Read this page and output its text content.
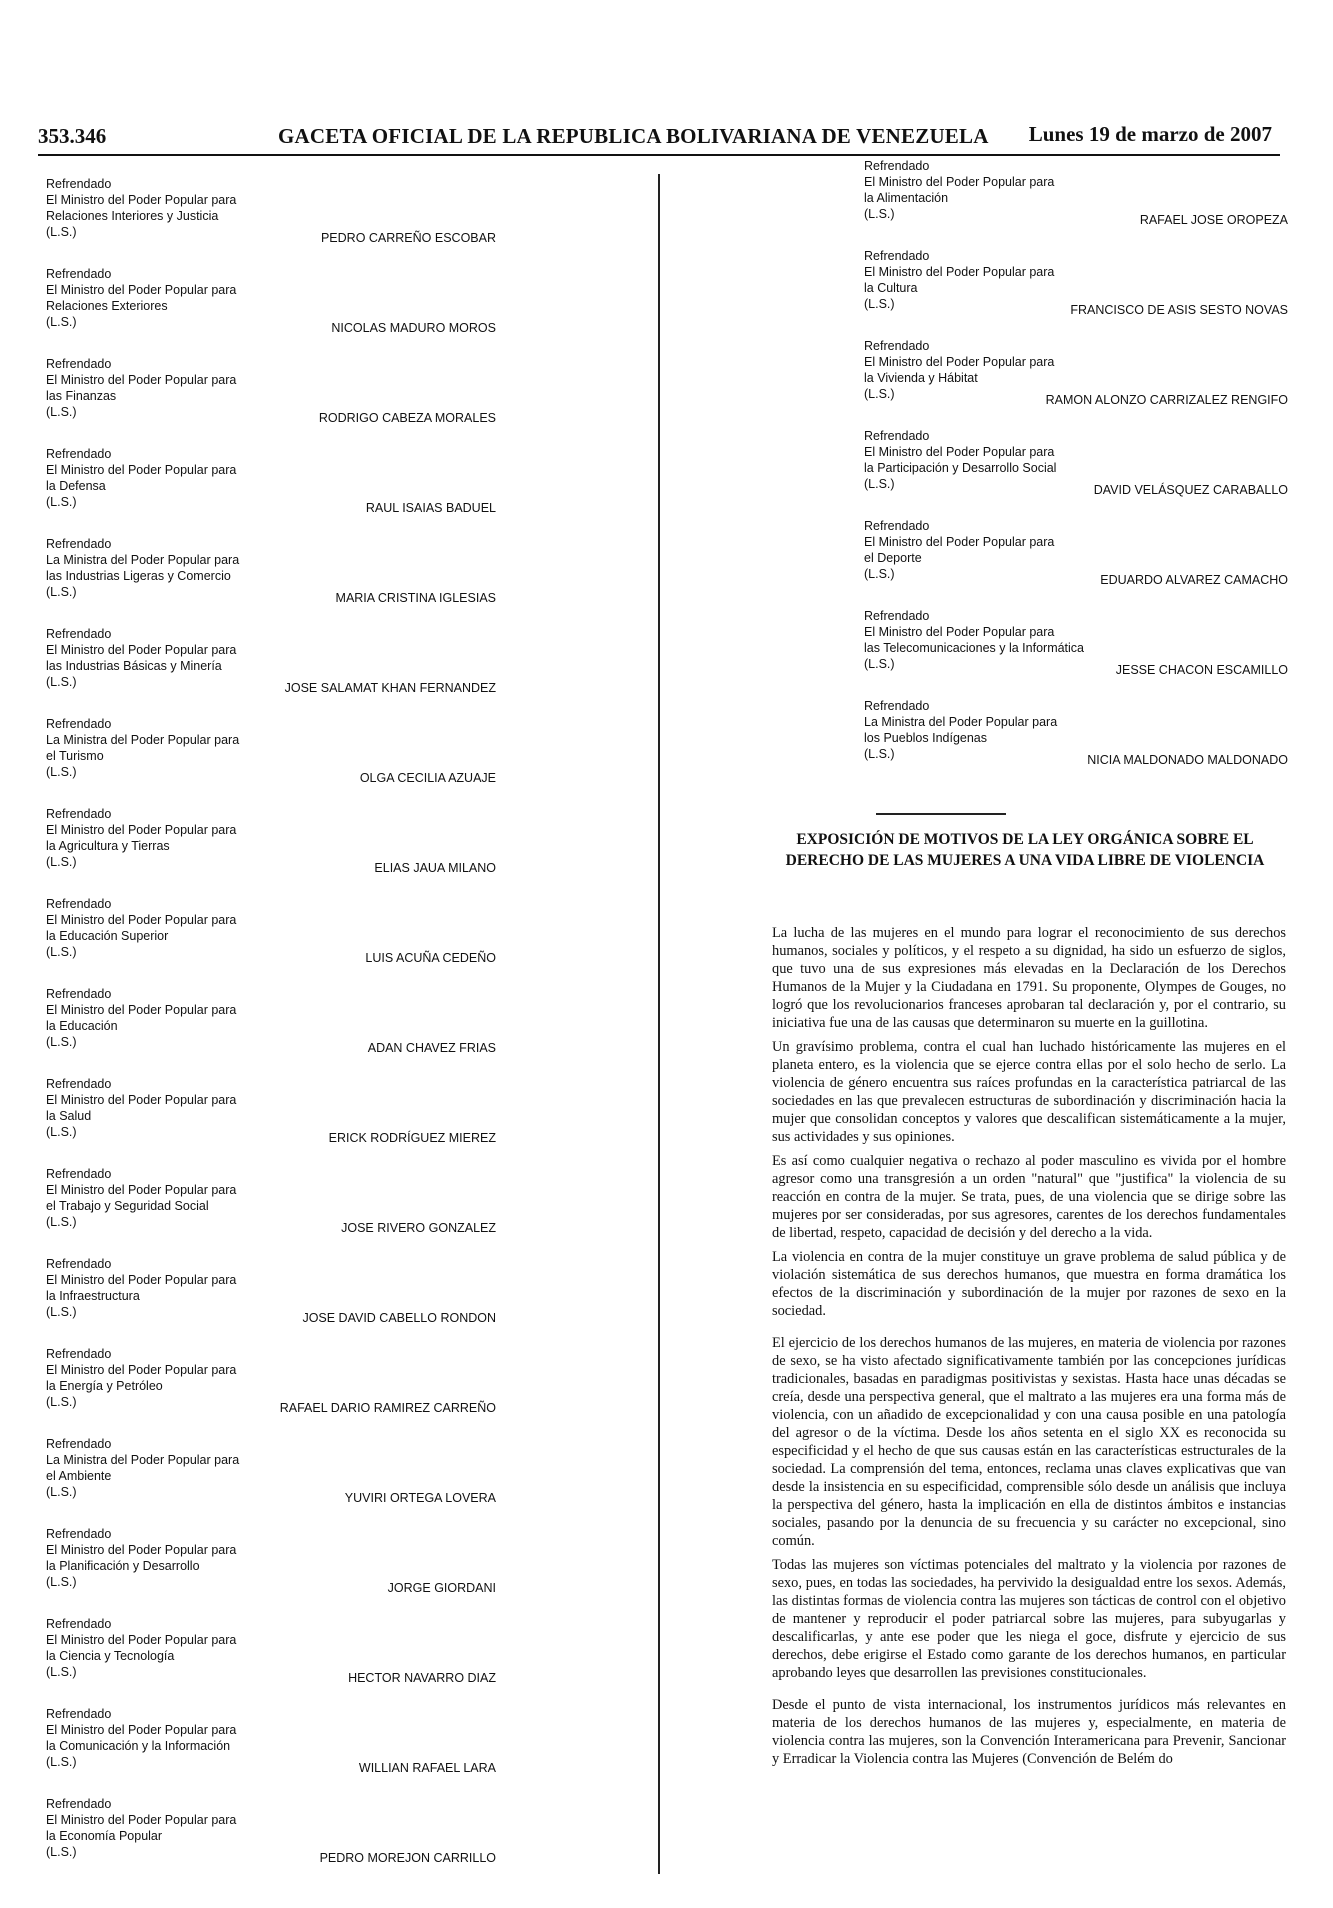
353.346	GACETA OFICIAL DE LA REPUBLICA BOLIVARIANA DE VENEZUELA Lunes 19 de marzo de 2007
Refrendado
El Ministro del Poder Popular para
Relaciones Interiores y Justicia
(L.S.)	PEDRO CARREÑO ESCOBAR
Refrendado
El Ministro del Poder Popular para
Relaciones Exteriores
(L.S.)	NICOLAS MADURO MOROS
Refrendado
El Ministro del Poder Popular para
las Finanzas
(L.S.)	RODRIGO CABEZA MORALES
Refrendado
El Ministro del Poder Popular para
la Defensa
(L.S.)	RAUL ISAIAS BADUEL
Refrendado
La Ministra del Poder Popular para
las Industrias Ligeras y Comercio
(L.S.)	MARIA CRISTINA IGLESIAS
Refrendado
El Ministro del Poder Popular para
las Industrias Básicas y Minería
(L.S.)	JOSE SALAMAT KHAN FERNANDEZ
Refrendado
La Ministra del Poder Popular para
el Turismo
(L.S.)	OLGA CECILIA AZUAJE
Refrendado
El Ministro del Poder Popular para
la Agricultura y Tierras
(L.S.)	ELIAS JAUA MILANO
Refrendado
El Ministro del Poder Popular para
la Educación Superior
(L.S.)	LUIS ACUÑA CEDEÑO
Refrendado
El Ministro del Poder Popular para
la Educación
(L.S.)	ADAN CHAVEZ FRIAS
Refrendado
El Ministro del Poder Popular para
la Salud
(L.S.)	ERICK RODRÍGUEZ MIEREZ
Refrendado
El Ministro del Poder Popular para
el Trabajo y Seguridad Social
(L.S.)	JOSE RIVERO GONZALEZ
Refrendado
El Ministro del Poder Popular para
la Infraestructura
(L.S.)	JOSE DAVID CABELLO RONDON
Refrendado
El Ministro del Poder Popular para
la Energía y Petróleo
(L.S.)	RAFAEL DARIO RAMIREZ CARREÑO
Refrendado
La Ministra del Poder Popular para
el Ambiente
(L.S.)	YUVIRI ORTEGA LOVERA
Refrendado
El Ministro del Poder Popular para
la Planificación y Desarrollo
(L.S.)	JORGE GIORDANI
Refrendado
El Ministro del Poder Popular para
la Ciencia y Tecnología
(L.S.)	HECTOR NAVARRO DIAZ
Refrendado
El Ministro del Poder Popular para
la Comunicación y la Información
(L.S.)	WILLIAN RAFAEL LARA
Refrendado
El Ministro del Poder Popular para
la Economía Popular
(L.S.)	PEDRO MOREJON CARRILLO
Refrendado
El Ministro del Poder Popular para
la Alimentación
(L.S.)	RAFAEL JOSE OROPEZA
Refrendado
El Ministro del Poder Popular para
la Cultura
(L.S.)	FRANCISCO DE ASIS SESTO NOVAS
Refrendado
El Ministro del Poder Popular para
la Vivienda y Hábitat
(L.S.)	RAMON ALONZO CARRIZALEZ RENGIFO
Refrendado
El Ministro del Poder Popular para
la Participación y Desarrollo Social
(L.S.)	DAVID VELÁSQUEZ CARABALLO
Refrendado
El Ministro del Poder Popular para
el Deporte
(L.S.)	EDUARDO ALVAREZ CAMACHO
Refrendado
El Ministro del Poder Popular para
las Telecomunicaciones y la Informática
(L.S.)	JESSE CHACON ESCAMILLO
Refrendado
La Ministra del Poder Popular para
los Pueblos Indígenas
(L.S.)	NICIA MALDONADO MALDONADO
EXPOSICIÓN DE MOTIVOS DE LA LEY ORGÁNICA SOBRE EL DERECHO DE LAS MUJERES A UNA VIDA LIBRE DE VIOLENCIA

La lucha de las mujeres en el mundo para lograr el reconocimiento de sus derechos humanos, sociales y políticos, y el respeto a su dignidad, ha sido un esfuerzo de siglos, que tuvo una de sus expresiones más elevadas en la Declaración de los Derechos Humanos de la Mujer y la Ciudadana en 1791. Su proponente, Olympes de Gouges, no logró que los revolucionarios franceses aprobaran tal declaración y, por el contrario, su iniciativa fue una de las causas que determinaron su muerte en la guillotina.

Un gravísimo problema, contra el cual han luchado históricamente las mujeres en el planeta entero, es la violencia que se ejerce contra ellas por el solo hecho de serlo. La violencia de género encuentra sus raíces profundas en la característica patriarcal de las sociedades en las que prevalecen estructuras de subordinación y discriminación hacia la mujer que consolidan conceptos y valores que descalifican sistemáticamente a la mujer, sus actividades y sus opiniones.

Es así como cualquier negativa o rechazo al poder masculino es vivida por el hombre agresor como una transgresión a un orden "natural" que "justifica" la violencia de su reacción en contra de la mujer. Se trata, pues, de una violencia que se dirige sobre las mujeres por ser consideradas, por sus agresores, carentes de los derechos fundamentales de libertad, respeto, capacidad de decisión y del derecho a la vida.

La violencia en contra de la mujer constituye un grave problema de salud pública y de violación sistemática de sus derechos humanos, que muestra en forma dramática los efectos de la discriminación y subordinación de la mujer por razones de sexo en la sociedad.

El ejercicio de los derechos humanos de las mujeres, en materia de violencia por razones de sexo, se ha visto afectado significativamente también por las concepciones jurídicas tradicionales, basadas en paradigmas positivistas y sexistas. Hasta hace unas décadas se creía, desde una perspectiva general, que el maltrato a las mujeres era una forma más de violencia, con un añadido de excepcionalidad y con una causa posible en una patología del agresor o de la víctima. Desde los años setenta en el siglo XX es reconocida su especificidad y el hecho de que sus causas están en las características estructurales de la sociedad. La comprensión del tema, entonces, reclama unas claves explicativas que van desde la insistencia en su especificidad, comprensible sólo desde un análisis que incluya la perspectiva del género, hasta la implicación en ella de distintos ámbitos e instancias sociales, pasando por la denuncia de su frecuencia y su carácter no excepcional, sino común.

Todas las mujeres son víctimas potenciales del maltrato y la violencia por razones de sexo, pues, en todas las sociedades, ha pervivido la desigualdad entre los sexos. Además, las distintas formas de violencia contra las mujeres son tácticas de control con el objetivo de mantener y reproducir el poder patriarcal sobre las mujeres, para subyugarlas y descalificarlas, y ante ese poder que les niega el goce, disfrute y ejercicio de sus derechos, debe erigirse el Estado como garante de los derechos humanos, en particular aprobando leyes que desarrollen las previsiones constitucionales.

Desde el punto de vista internacional, los instrumentos jurídicos más relevantes en materia de los derechos humanos de las mujeres y, especialmente, en materia de violencia contra las mujeres, son la Convención Interamericana para Prevenir, Sancionar y Erradicar la Violencia contra las Mujeres (Convención de Belém do
